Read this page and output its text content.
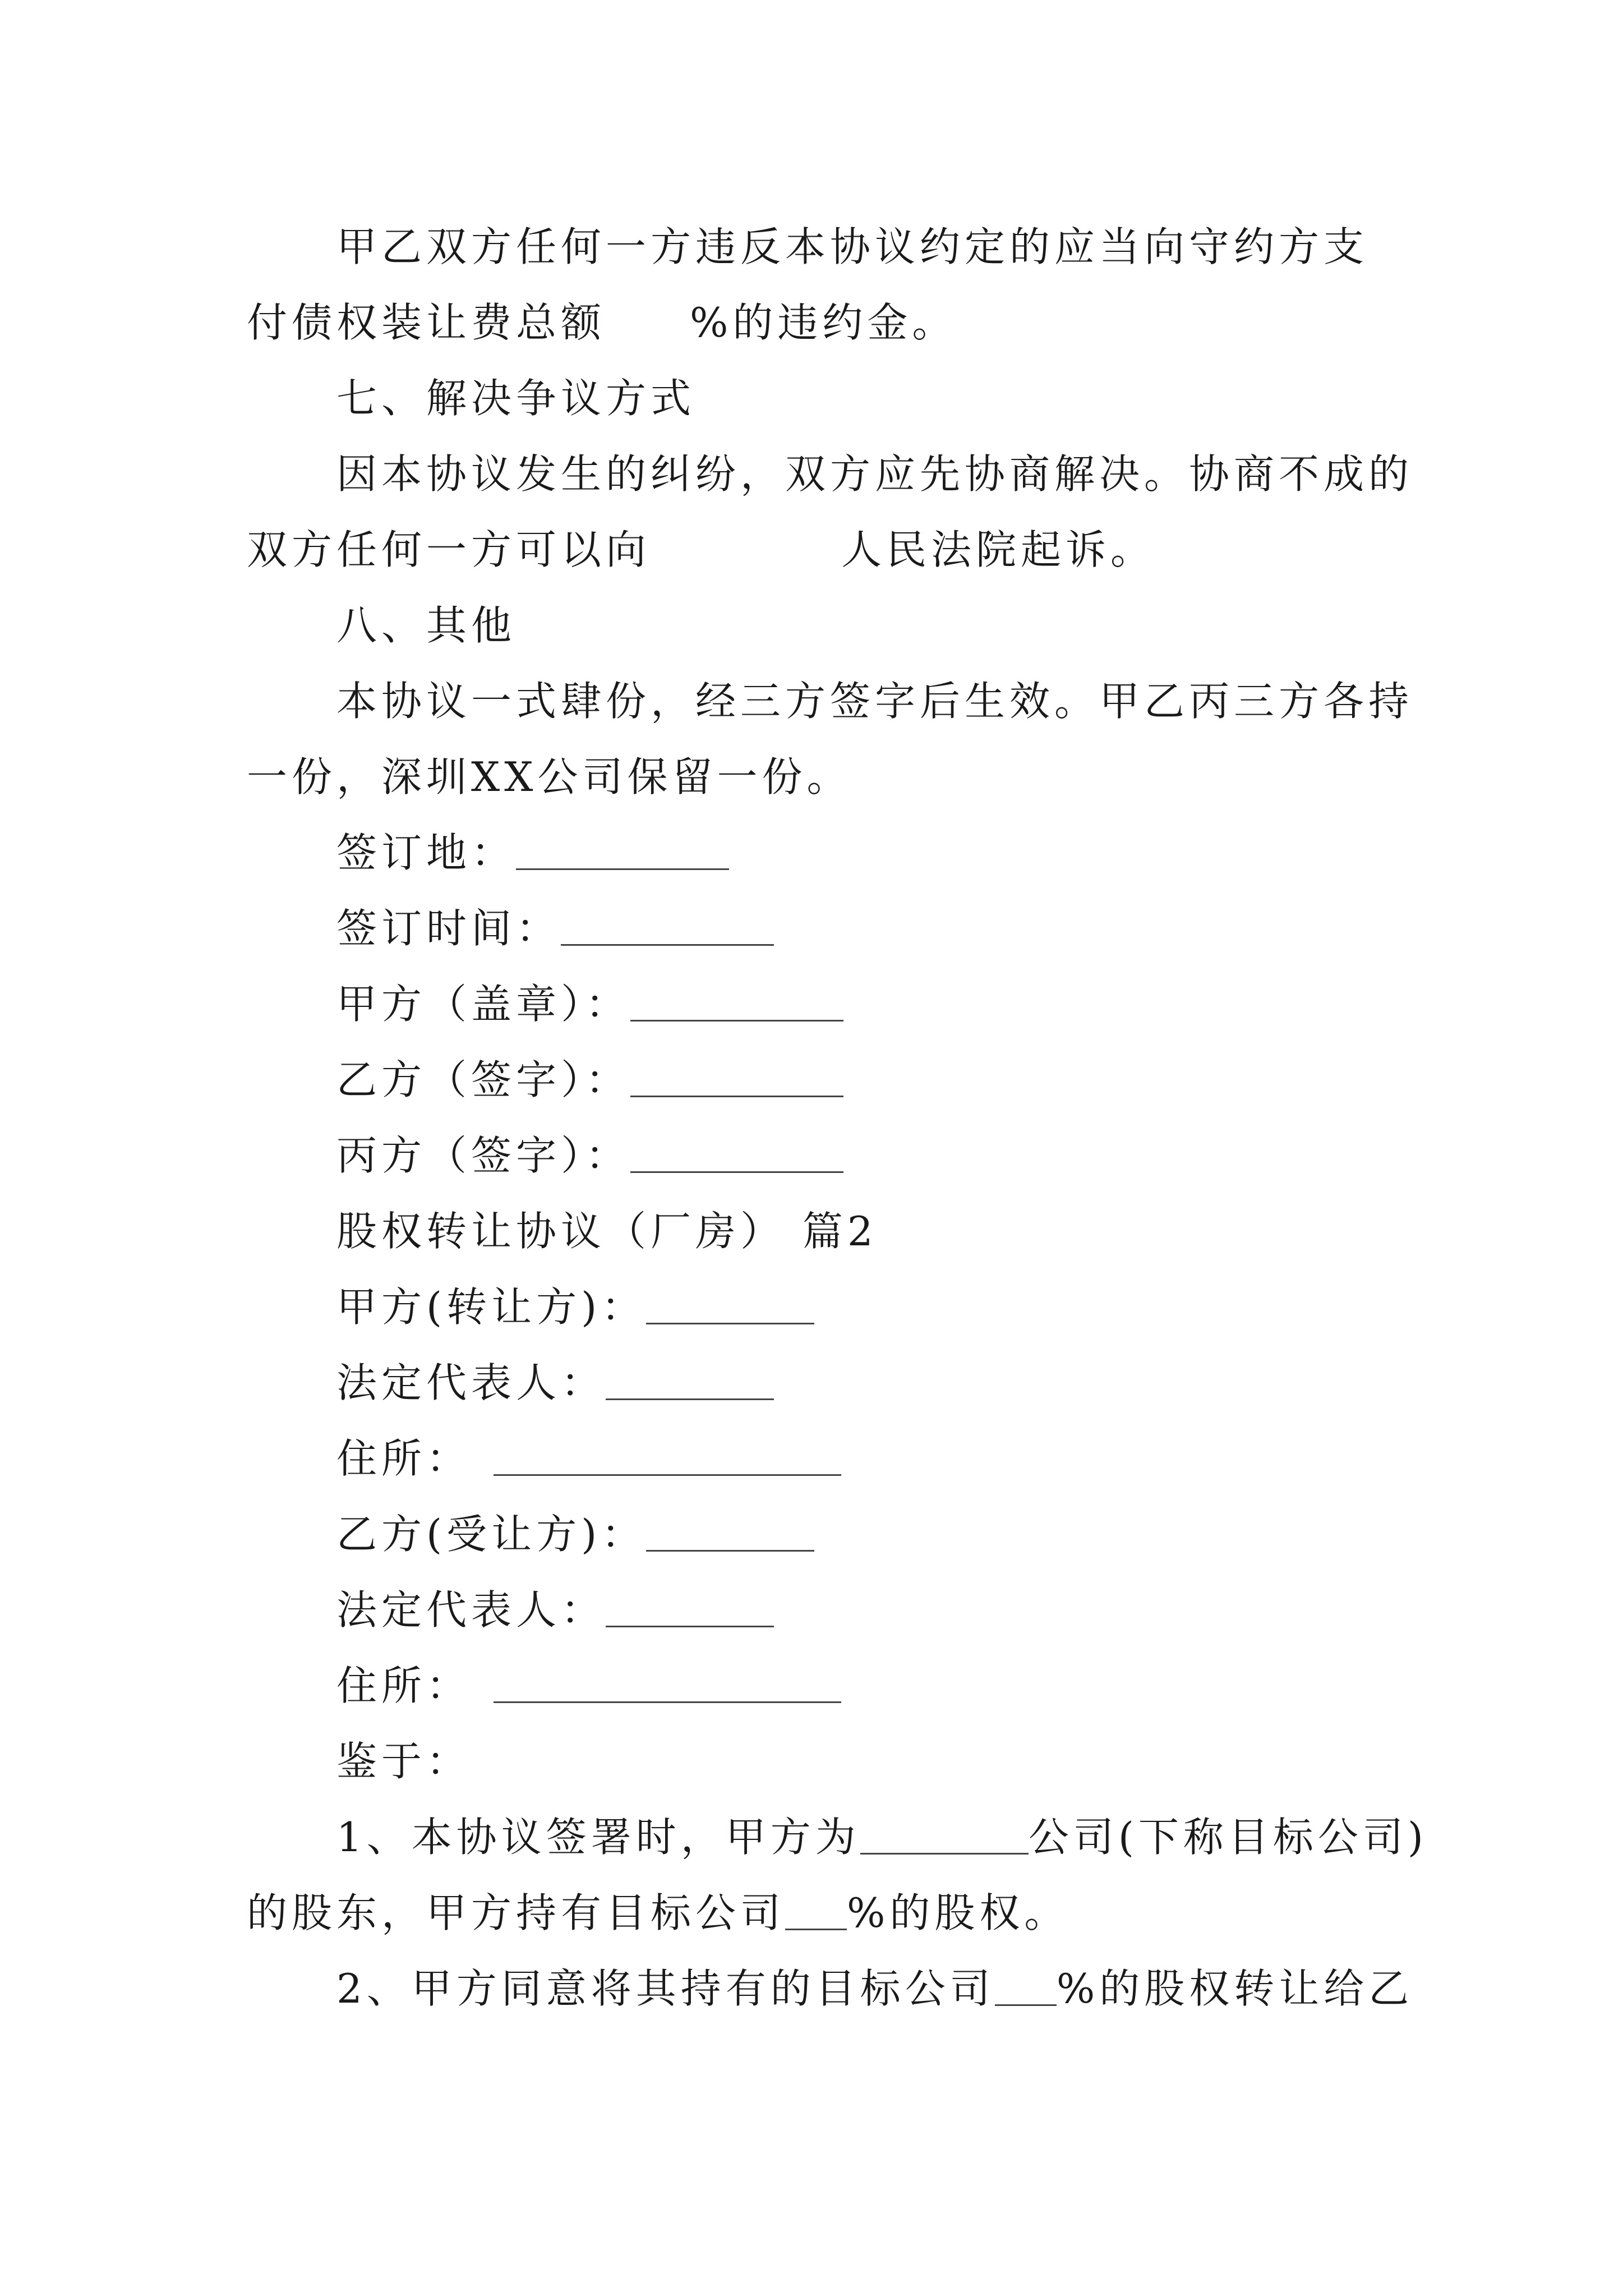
甲乙双方任何一方违反本协议约定的应当向守约方支
付债权装让费总额 %的违约金。
七、解决争议方式
因本协议发生的纠纷，双方应先协商解决。协商不成的
双方任何一方可以向	人民法院起诉。
八、其他
本协议一式肆份，经三方签字后生效。甲乙丙三方各持
一份，深圳XX公司保留一份。
签订地：
签订时间：
甲方（盖章）：
乙方（签字）：
丙方（签字）：
股权转让协议（厂房） 篇2
甲方(转让方)：
法定代表人：
住所：
乙方(受让方)：
法定代表人：
住所：
鉴于：
1、本协议签署时，甲方为	公司(下称目标公司)
的股东，甲方持有目标公司 %的股权。
2、甲方同意将其持有的目标公司 %的股权转让给乙
